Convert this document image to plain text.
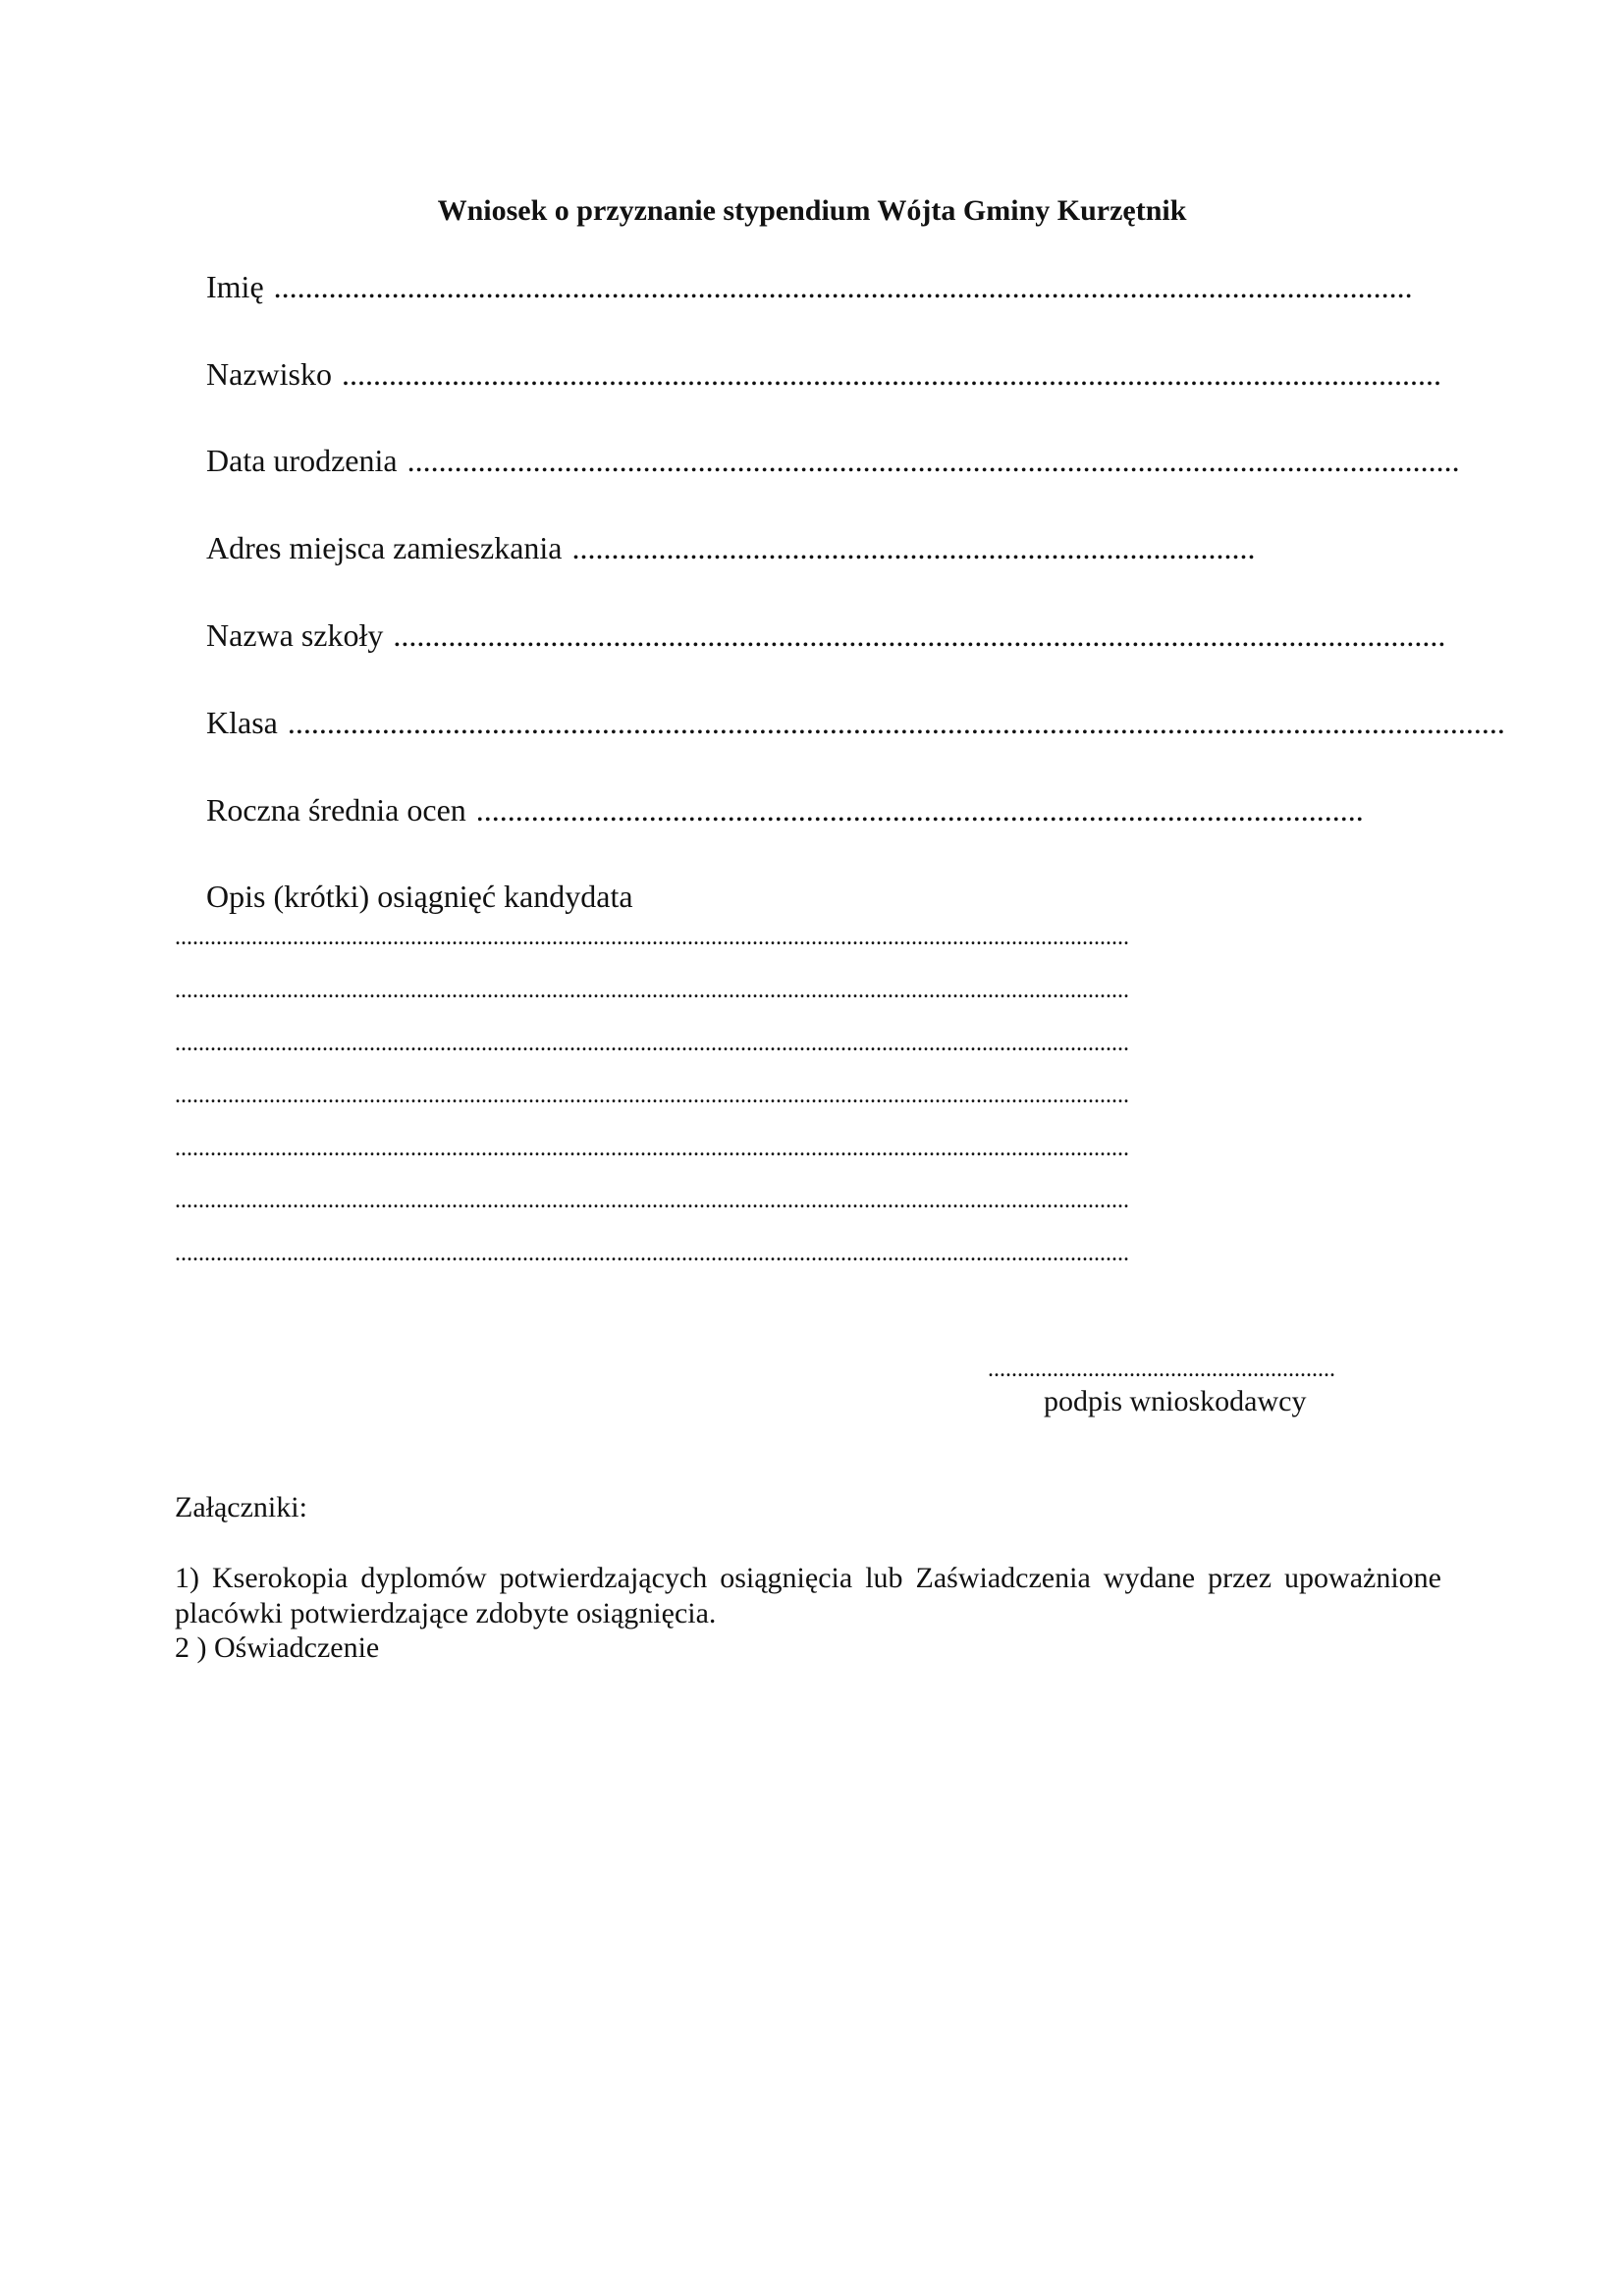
Wniosek o przyznanie stypendium Wójta Gminy Kurzętnik
Imię .................................................................................................................................................
Nazwisko ............................................................................................................................................
Data urodzenia ......................................................................................................................................
Adres miejsca zamieszkania .......................................................................................
Nazwa szkoły ......................................................................................................................................
Klasa ...........................................................................................................................................................
Roczna średnia ocen .................................................................................................................
Opis (krótki) osiągnięć kandydata
..................................................................................................................................................................
..................................................................................................................................................................
..................................................................................................................................................................
..................................................................................................................................................................
..................................................................................................................................................................
..................................................................................................................................................................
..................................................................................................................................................................
...........................................................
podpis wnioskodawcy
Załączniki:
1) Kserokopia dyplomów potwierdzających osiągnięcia lub Zaświadczenia wydane przez upoważnione placówki potwierdzające zdobyte osiągnięcia.
2 ) Oświadczenie
